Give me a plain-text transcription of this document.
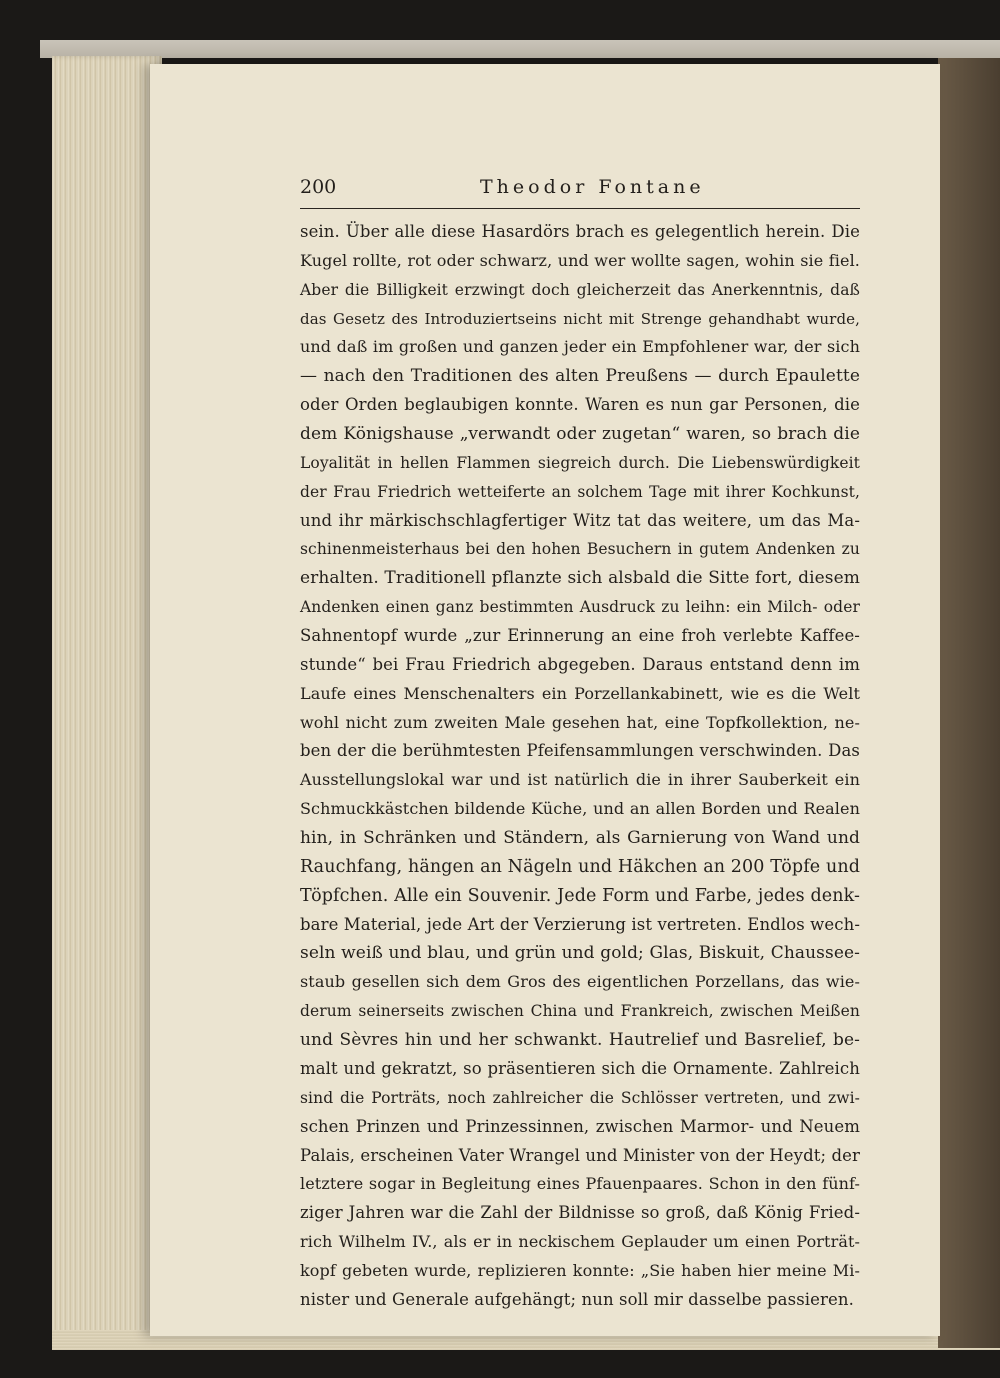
200	Theodor Fontane
sein. Über alle diese Hasardörs brach es gelegentlich herein. Die
Kugel rollte, rot oder schwarz, und wer wollte sagen, wohin sie fiel.
Aber die Billigkeit erzwingt doch gleicherzeit das Anerkenntnis, daß
das Gesetz des Introduziertseins nicht mit Strenge gehandhabt wurde,
und daß im großen und ganzen jeder ein Empfohlener war, der sich
— nach den Traditionen des alten Preußens — durch Epaulette
oder Orden beglaubigen konnte. Waren es nun gar Personen, die
dem Königshause „verwandt oder zugetan“ waren, so brach die
Loyalität in hellen Flammen siegreich durch. Die Liebenswürdigkeit
der Frau Friedrich wetteiferte an solchem Tage mit ihrer Kochkunst,
und ihr märkischschlagfertiger Witz tat das weitere, um das Ma-
schinenmeisterhaus bei den hohen Besuchern in gutem Andenken zu
erhalten. Traditionell pflanzte sich alsbald die Sitte fort, diesem
Andenken einen ganz bestimmten Ausdruck zu leihn: ein Milch- oder
Sahnentopf wurde „zur Erinnerung an eine froh verlebte Kaffee-
stunde“ bei Frau Friedrich abgegeben. Daraus entstand denn im
Laufe eines Menschenalters ein Porzellankabinett, wie es die Welt
wohl nicht zum zweiten Male gesehen hat, eine Topfkollektion, ne-
ben der die berühmtesten Pfeifensammlungen verschwinden. Das
Ausstellungslokal war und ist natürlich die in ihrer Sauberkeit ein
Schmuckkästchen bildende Küche, und an allen Borden und Realen
hin, in Schränken und Ständern, als Garnierung von Wand und
Rauchfang, hängen an Nägeln und Häkchen an 200 Töpfe und
Töpfchen. Alle ein Souvenir. Jede Form und Farbe, jedes denk-
bare Material, jede Art der Verzierung ist vertreten. Endlos wech-
seln weiß und blau, und grün und gold; Glas, Biskuit, Chaussee-
staub gesellen sich dem Gros des eigentlichen Porzellans, das wie-
derum seinerseits zwischen China und Frankreich, zwischen Meißen
und Sèvres hin und her schwankt. Hautrelief und Basrelief, be-
malt und gekratzt, so präsentieren sich die Ornamente. Zahlreich
sind die Porträts, noch zahlreicher die Schlösser vertreten, und zwi-
schen Prinzen und Prinzessinnen, zwischen Marmor- und Neuem
Palais, erscheinen Vater Wrangel und Minister von der Heydt; der
letztere sogar in Begleitung eines Pfauenpaares. Schon in den fünf-
ziger Jahren war die Zahl der Bildnisse so groß, daß König Fried-
rich Wilhelm IV., als er in neckischem Geplauder um einen Porträt-
kopf gebeten wurde, replizieren konnte: „Sie haben hier meine Mi-
nister und Generale aufgehängt; nun soll mir dasselbe passieren.
